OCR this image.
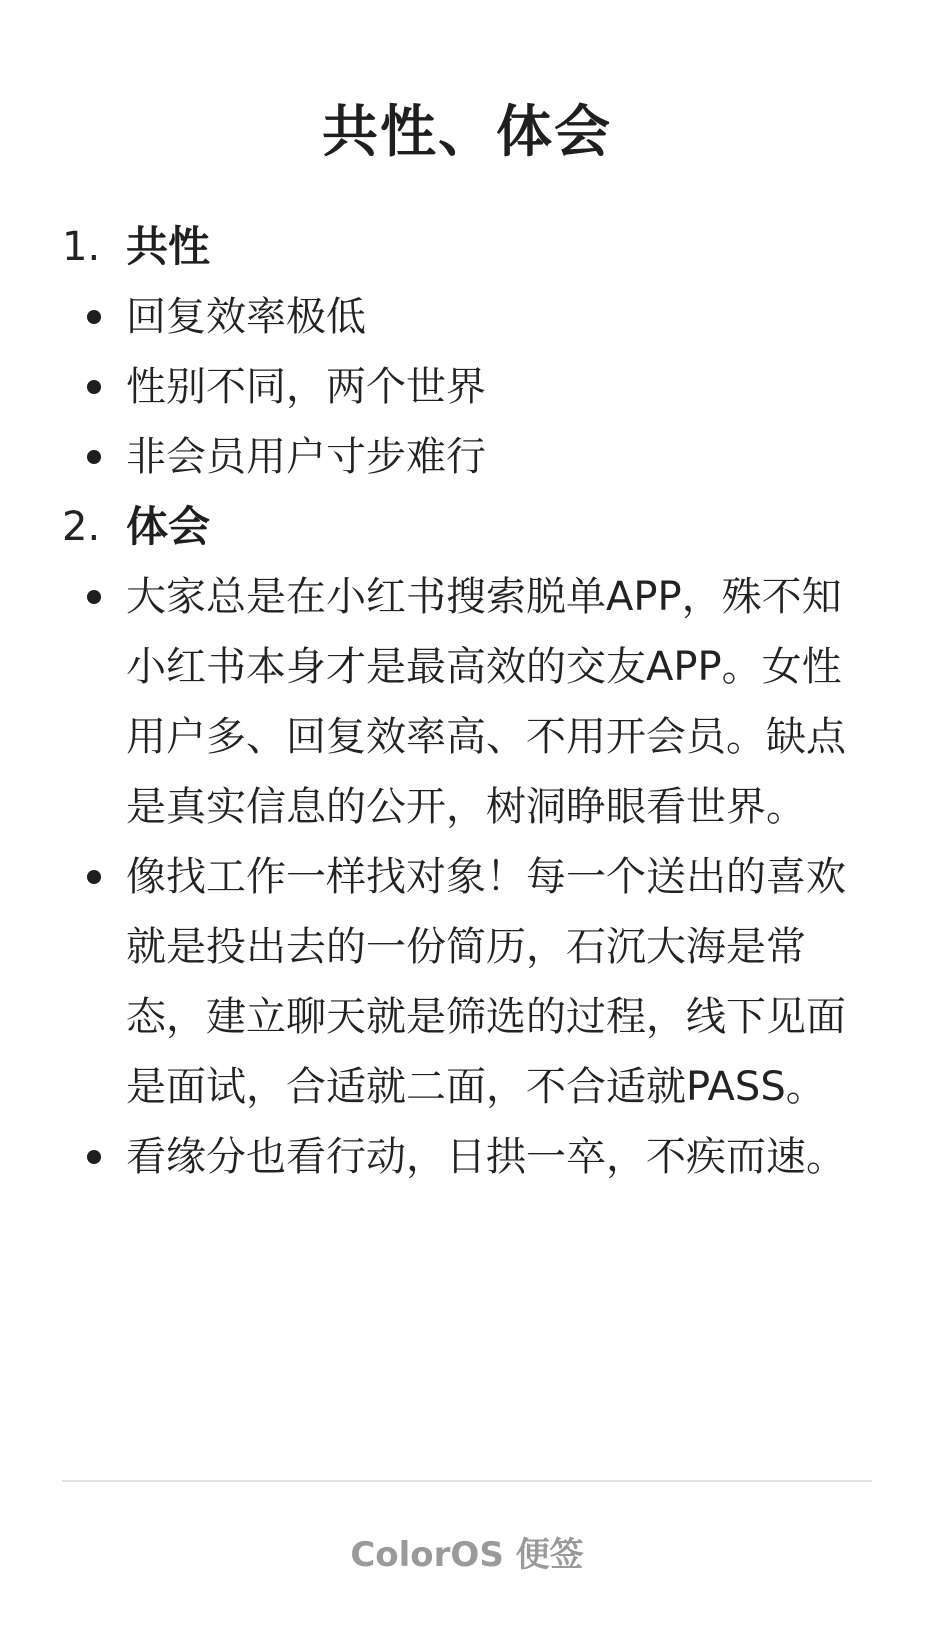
共性、体会
1. 共性
回复效率极低
性别不同，两个世界
非会员用户寸步难行
2. 体会
大家总是在小红书搜索脱单APP，殊不知小红书本身才是最高效的交友APP。女性用户多、回复效率高、不用开会员。缺点是真实信息的公开，树洞睁眼看世界。
像找工作一样找对象！每一个送出的喜欢就是投出去的一份简历，石沉大海是常态，建立聊天就是筛选的过程，线下见面是面试，合适就二面，不合适就PASS。
看缘分也看行动，日拱一卒，不疾而速。
ColorOS 便签
